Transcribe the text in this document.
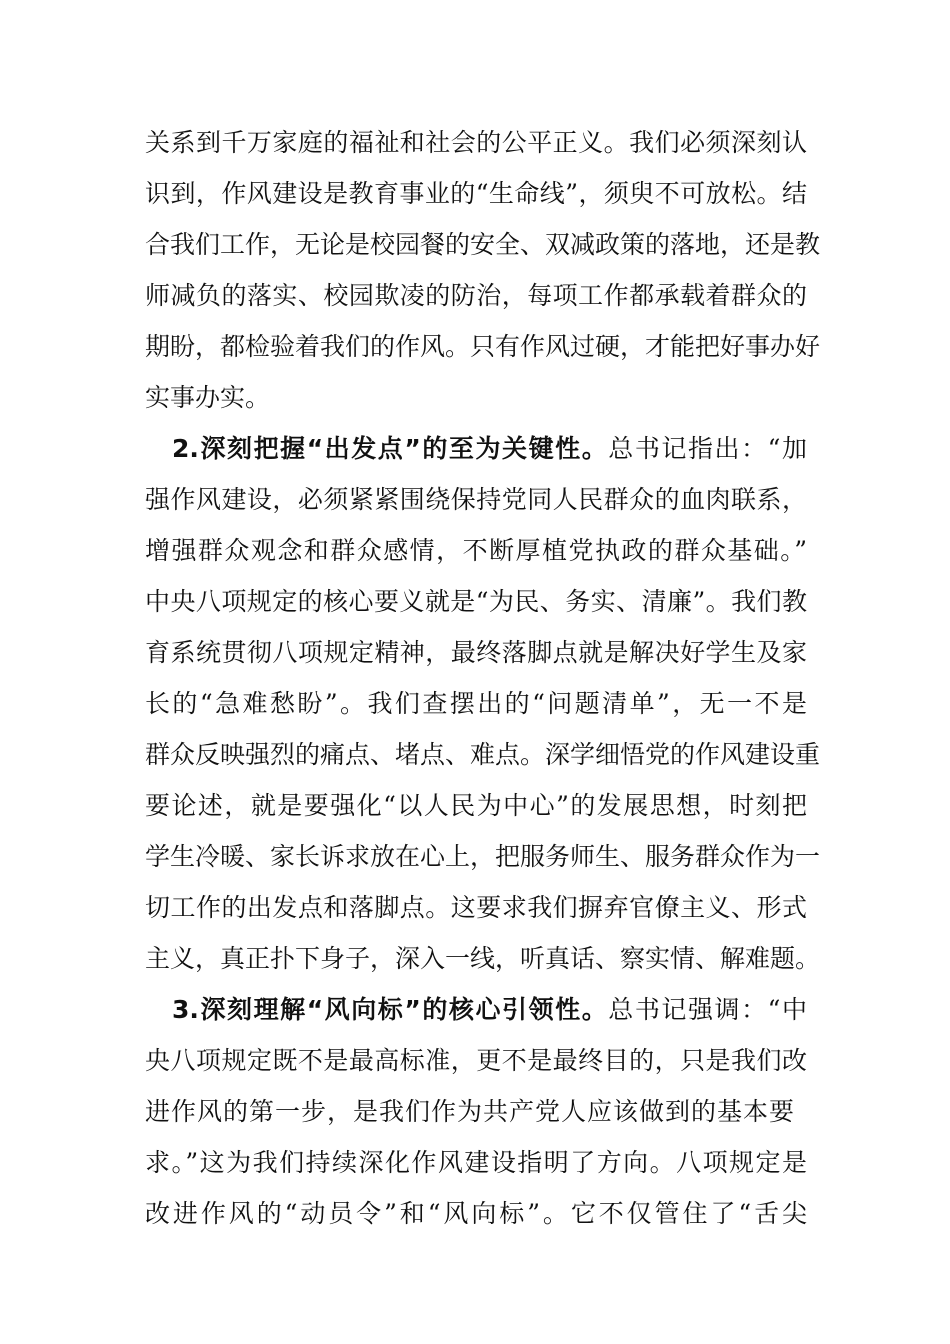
关系到千万家庭的福祉和社会的公平正义。我们必须深刻认
识到，作风建设是教育事业的“生命线”，须臾不可放松。结
合我们工作，无论是校园餐的安全、双减政策的落地，还是教
师减负的落实、校园欺凌的防治，每项工作都承载着群众的
期盼，都检验着我们的作风。只有作风过硬，才能把好事办好
实事办实。
2.深刻把握“出发点”的至为关键性。总书记指出：“加
强作风建设，必须紧紧围绕保持党同人民群众的血肉联系，
增强群众观念和群众感情，不断厚植党执政的群众基础。”
中央八项规定的核心要义就是“为民、务实、清廉”。我们教
育系统贯彻八项规定精神，最终落脚点就是解决好学生及家
长的“急难愁盼”。我们查摆出的“问题清单”，无一不是
群众反映强烈的痛点、堵点、难点。深学细悟党的作风建设重
要论述，就是要强化“以人民为中心”的发展思想，时刻把
学生冷暖、家长诉求放在心上，把服务师生、服务群众作为一
切工作的出发点和落脚点。这要求我们摒弃官僚主义、形式
主义，真正扑下身子，深入一线，听真话、察实情、解难题。
3.深刻理解“风向标”的核心引领性。总书记强调：“中
央八项规定既不是最高标准，更不是最终目的，只是我们改
进作风的第一步，是我们作为共产党人应该做到的基本要
求。”这为我们持续深化作风建设指明了方向。八项规定是
改进作风的“动员令”和“风向标”。它不仅管住了“舌尖
